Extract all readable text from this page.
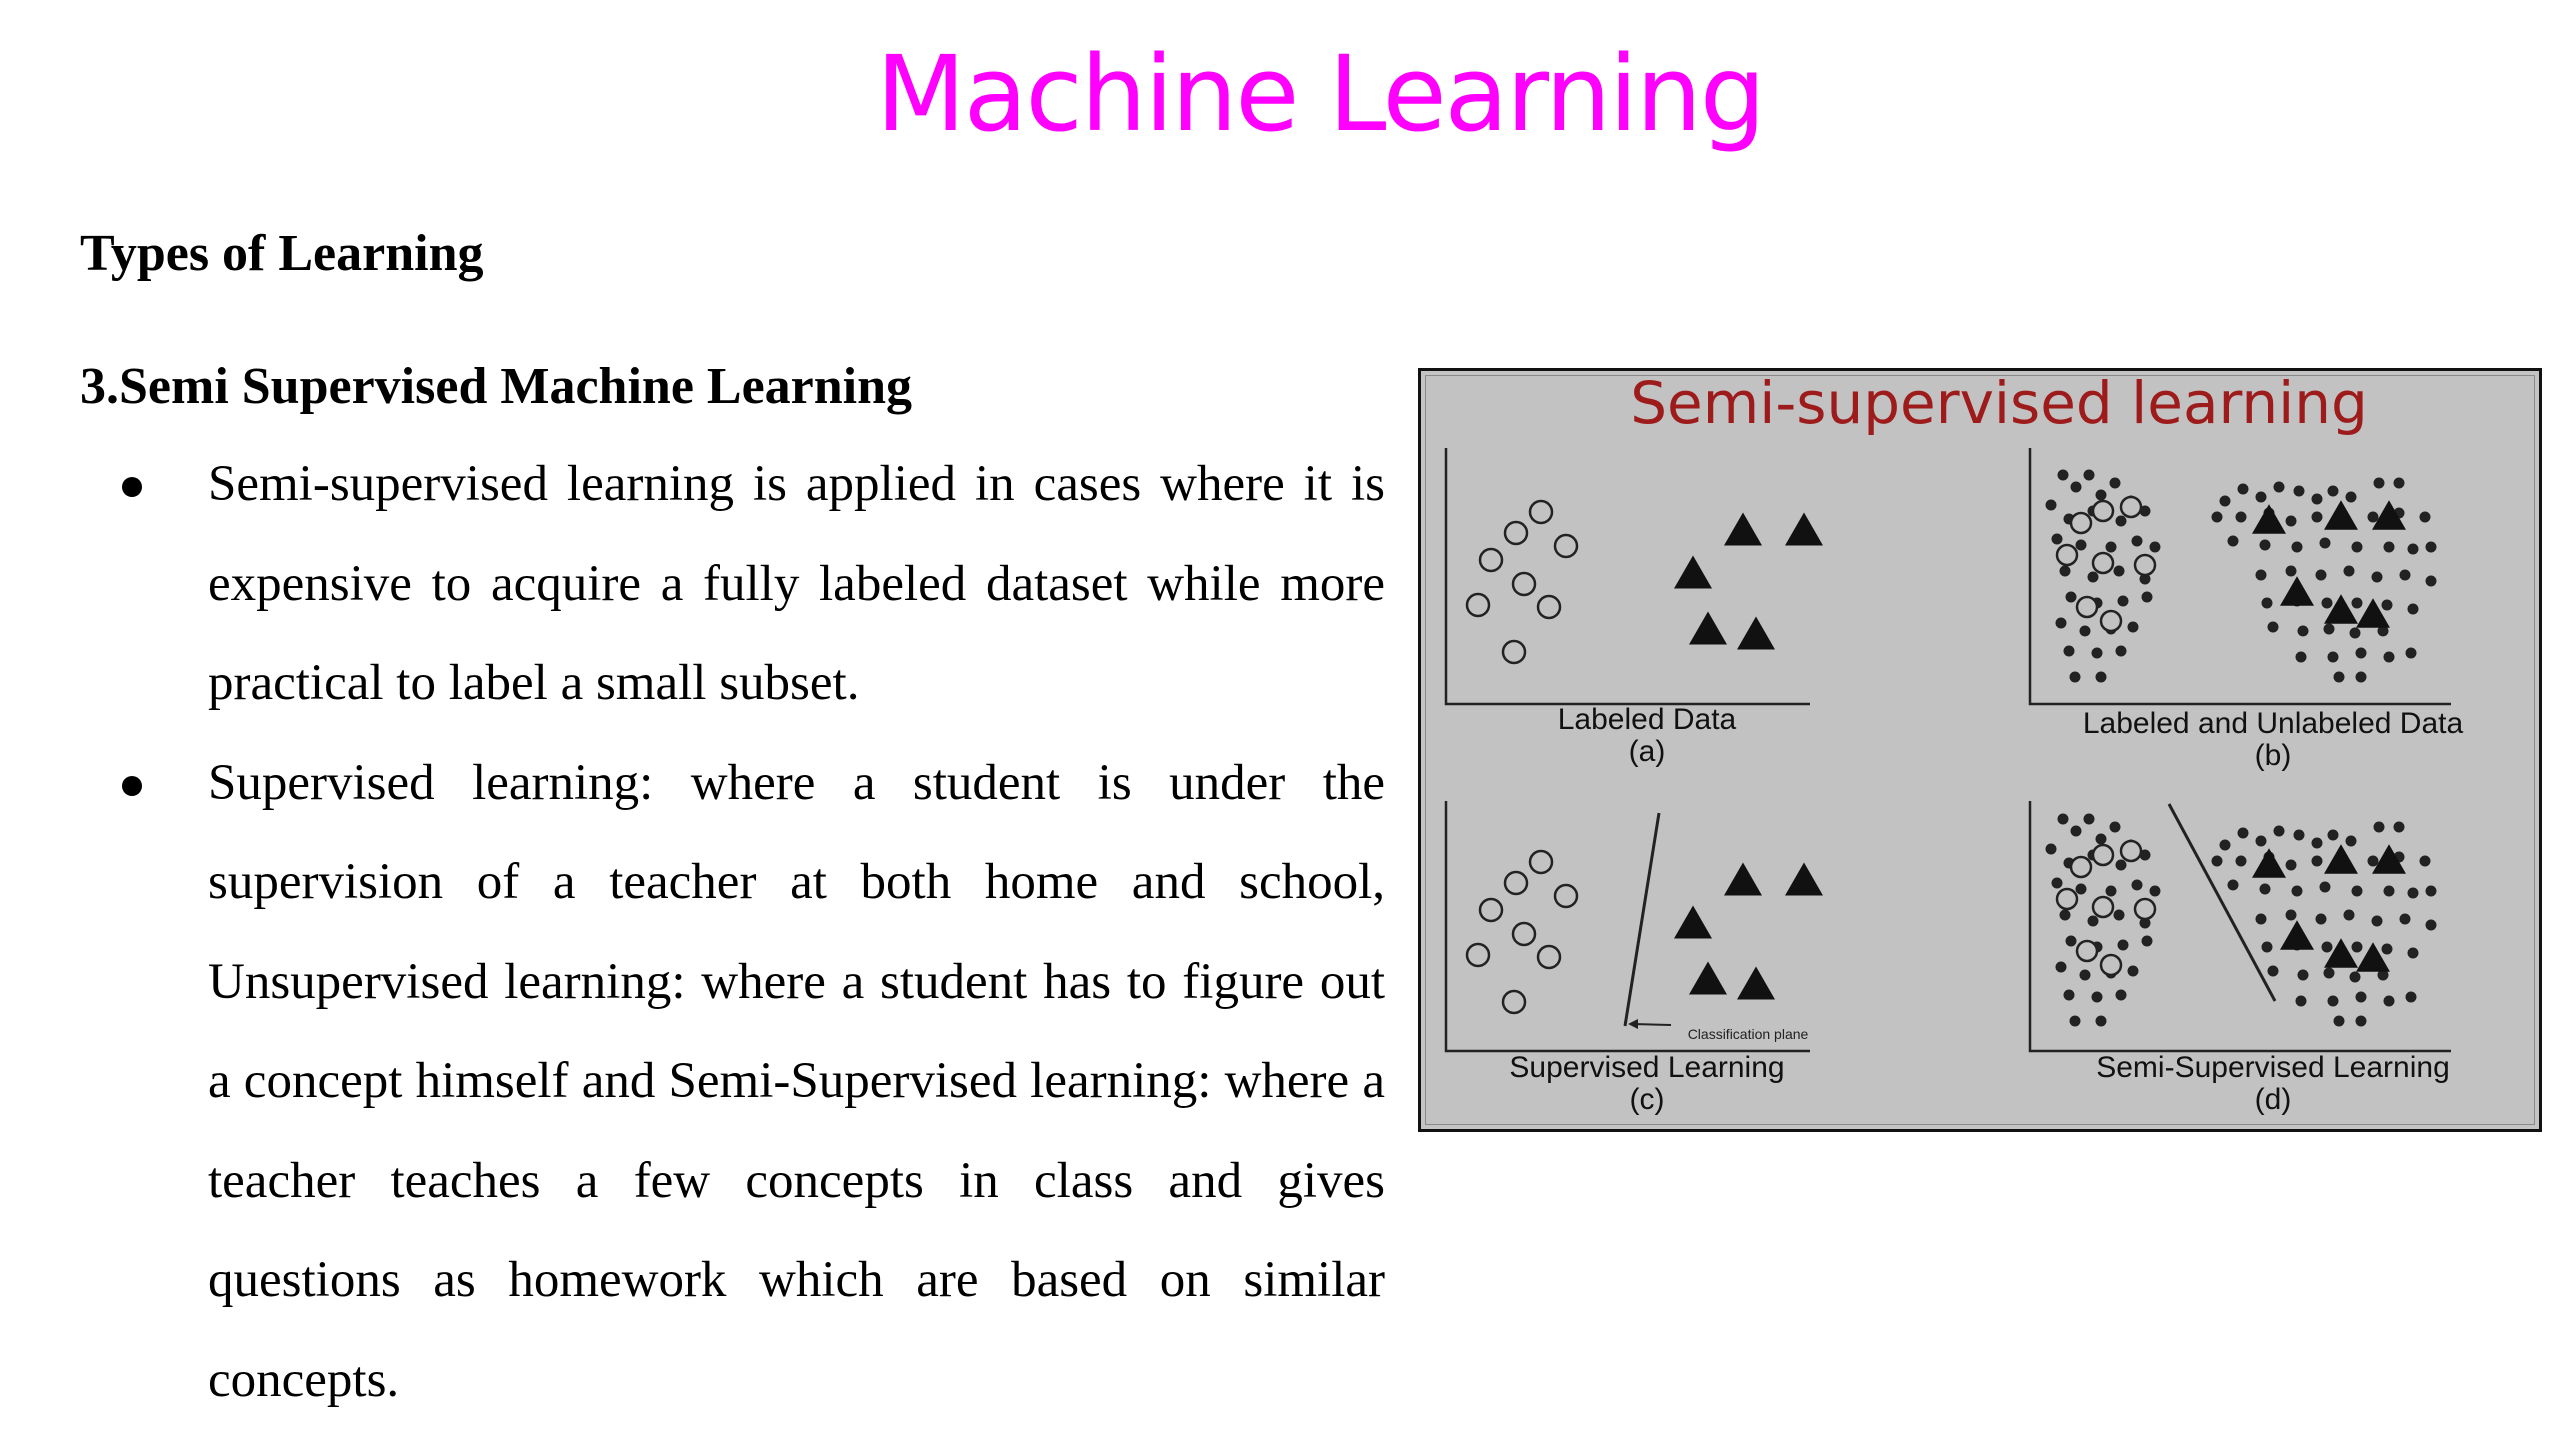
Machine Learning
Types of Learning
3.Semi Supervised Machine Learning
Semi-supervised learning is applied in cases where it is expensive to acquire a fully labeled dataset while more practical to label a small subset.
Supervised learning: where a student is under the supervision of a teacher at both home and school, Unsupervised learning: where a student has to figure out a concept himself and Semi-Supervised learning: where a teacher teaches a few concepts in class and gives questions as homework which are based on similar concepts.
Semi-supervised learning
Classification plane
Labeled Data
(a)
Labeled and Unlabeled Data
(b)
Supervised Learning
(c)
Semi-Supervised Learning
(d)
